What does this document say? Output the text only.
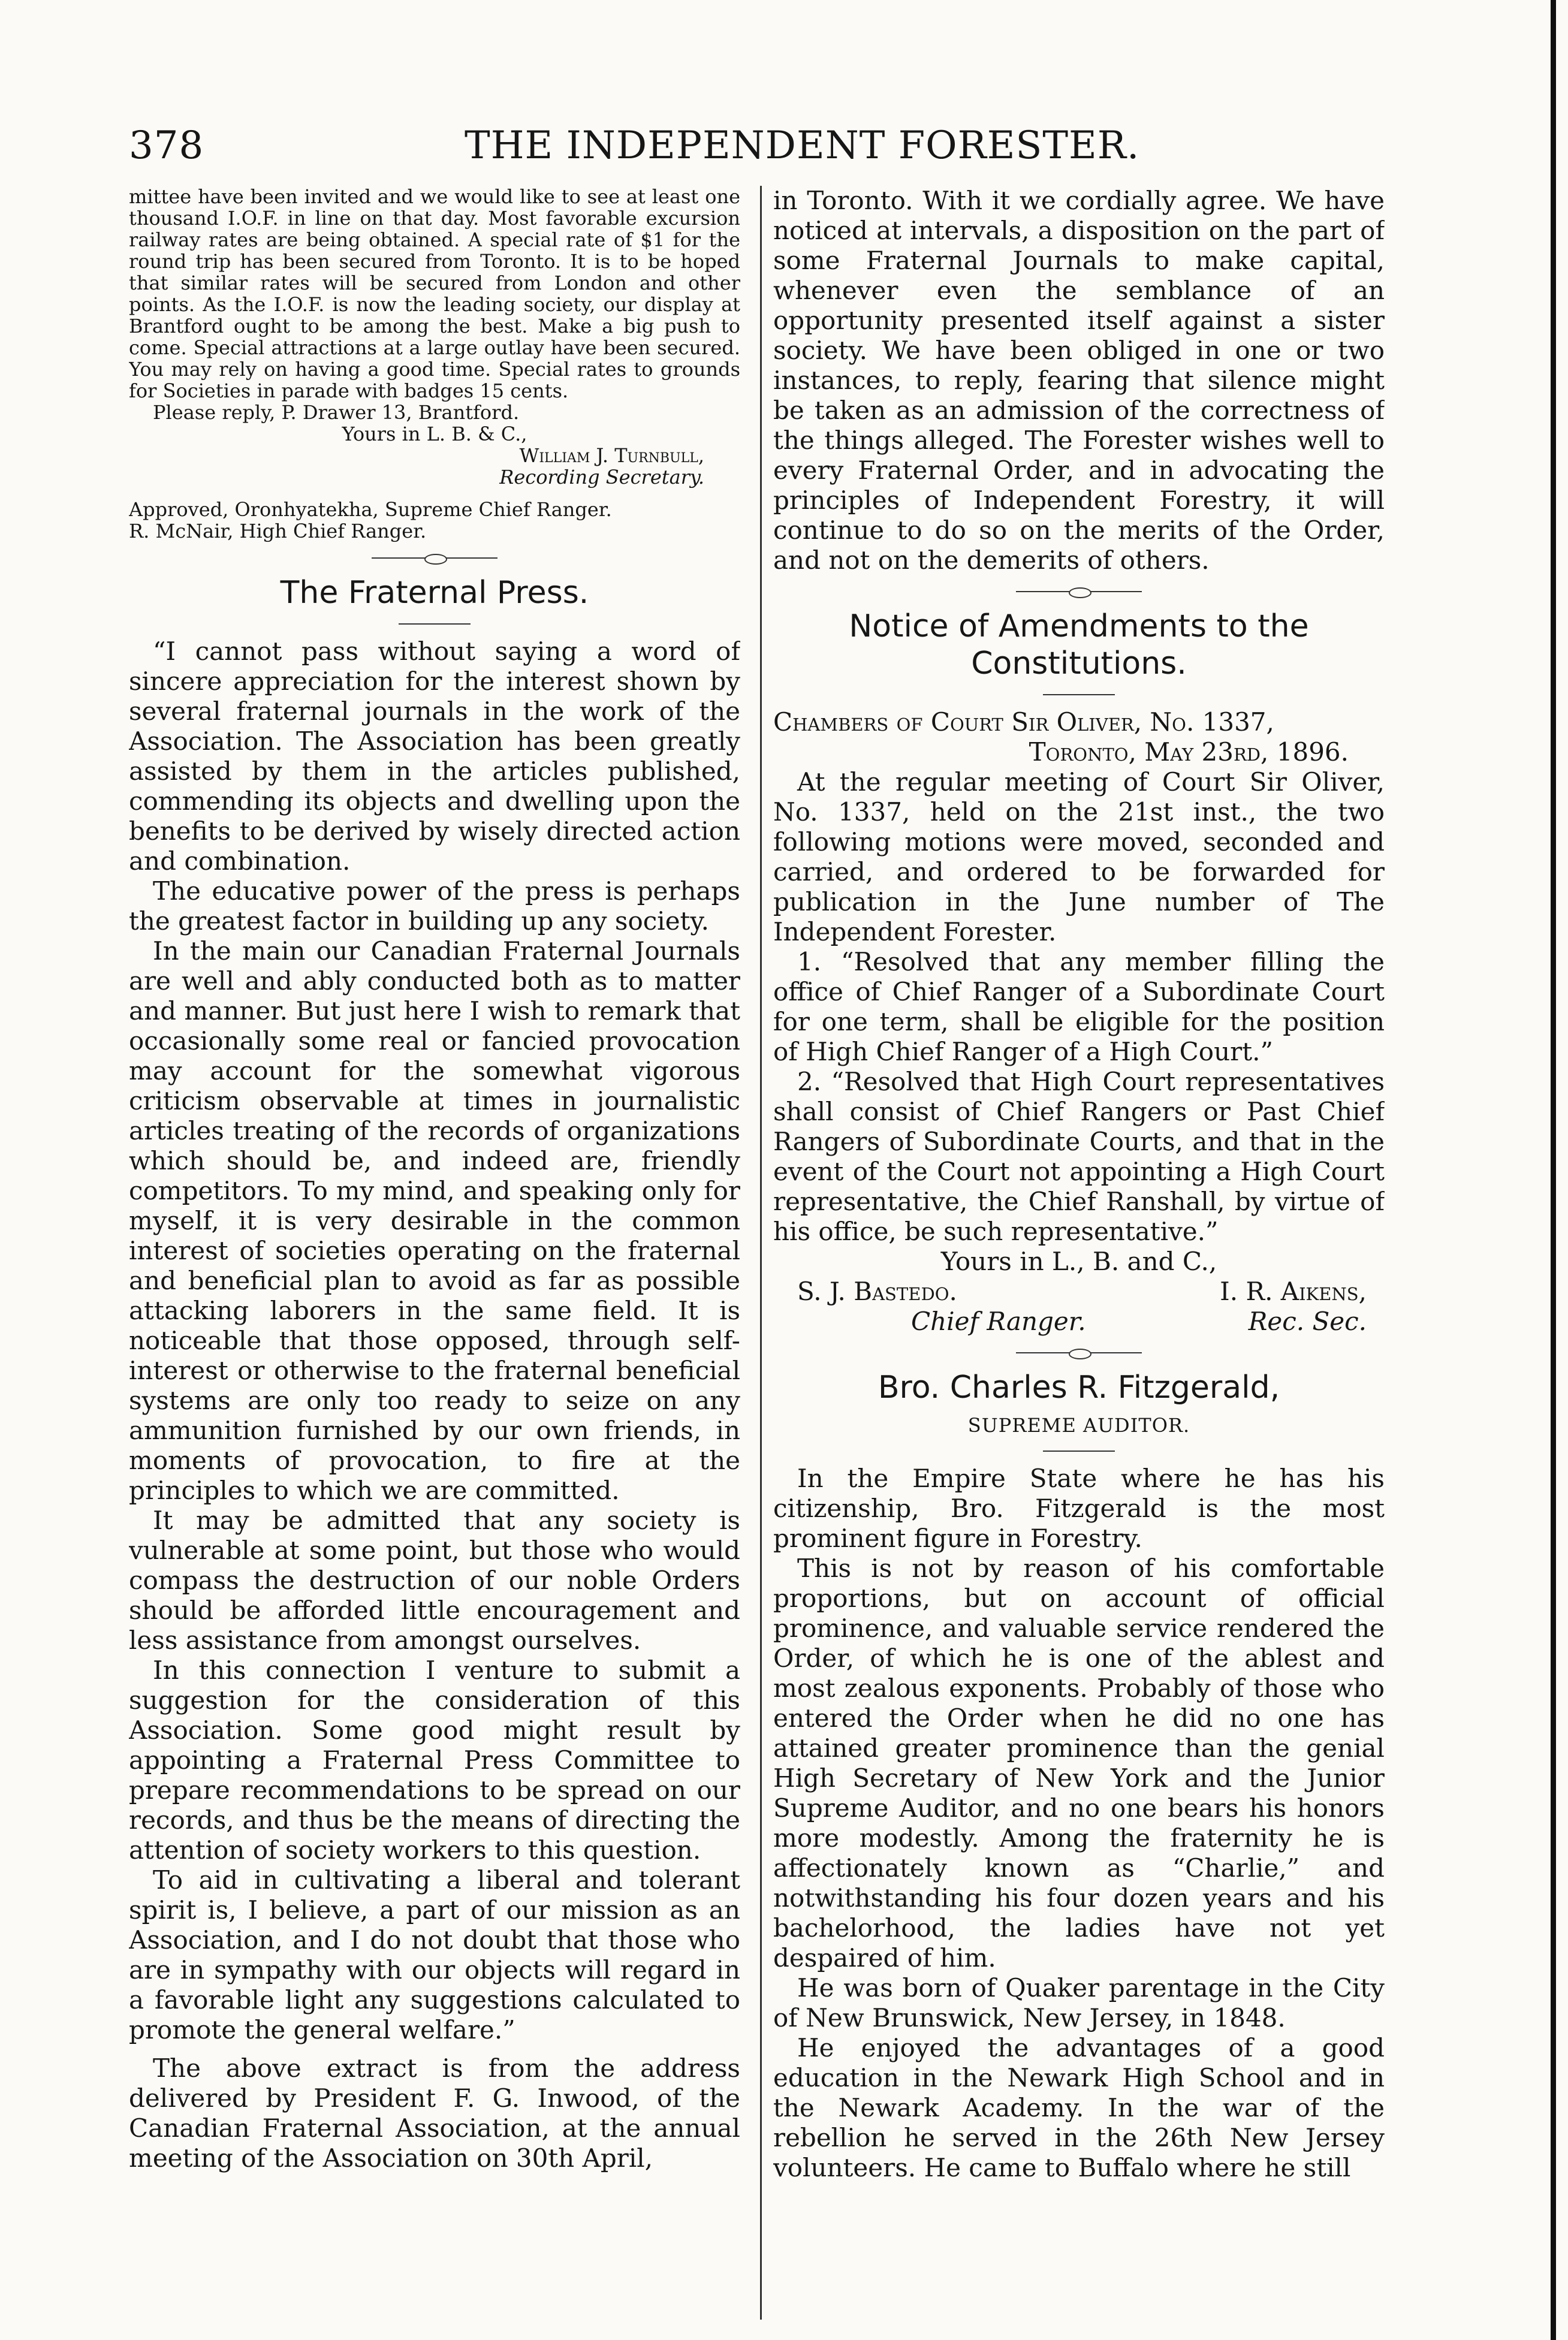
378	THE INDEPENDENT FORESTER.

mittee have been invited and we would like to see at least one thousand I.O.F. in line on that day. Most favorable excursion railway rates are being obtained. A special rate of $1 for the round trip has been secured from Toronto. It is to be hoped that similar rates will be secured from London and other points. As the I.O.F. is now the leading society, our display at Brantford ought to be among the best. Make a big push to come. Special attractions at a large outlay have been secured. You may rely on having a good time. Special rates to grounds for Societies in parade with badges 15 cents.

Please reply, P. Drawer 13, Brantford.

Yours in L. B. & C.,

William J. Turnbull,

Recording Secretary.

Approved, Oronhyatekha, Supreme Chief Ranger.

R. McNair, High Chief Ranger.

The Fraternal Press.

“I cannot pass without saying a word of sincere appreciation for the interest shown by several fraternal journals in the work of the Association. The Association has been greatly assisted by them in the articles published, commending its objects and dwelling upon the benefits to be derived by wisely directed action and combination.

The educative power of the press is perhaps the greatest factor in building up any society.

In the main our Canadian Fraternal Journals are well and ably conducted both as to matter and manner. But just here I wish to remark that occasionally some real or fancied provocation may account for the somewhat vigorous criticism observable at times in journalistic articles treating of the records of organizations which should be, and indeed are, friendly competitors. To my mind, and speaking only for myself, it is very desirable in the common interest of societies operating on the fraternal and beneficial plan to avoid as far as possible attacking laborers in the same field. It is noticeable that those opposed, through self-interest or otherwise to the fraternal beneficial systems are only too ready to seize on any ammunition furnished by our own friends, in moments of provocation, to fire at the principles to which we are committed.

It may be admitted that any society is vulnerable at some point, but those who would compass the destruction of our noble Orders should be afforded little encouragement and less assistance from amongst ourselves.

In this connection I venture to submit a suggestion for the consideration of this Association. Some good might result by appointing a Fraternal Press Committee to prepare recommendations to be spread on our records, and thus be the means of directing the attention of society workers to this question.

To aid in cultivating a liberal and tolerant spirit is, I believe, a part of our mission as an Association, and I do not doubt that those who are in sympathy with our objects will regard in a favorable light any suggestions calculated to promote the general welfare.”

The above extract is from the address delivered by President F. G. Inwood, of the Canadian Fraternal Association, at the annual meeting of the Association on 30th April,

in Toronto. With it we cordially agree. We have noticed at intervals, a disposition on the part of some Fraternal Journals to make capital, whenever even the semblance of an opportunity presented itself against a sister society. We have been obliged in one or two instances, to reply, fearing that silence might be taken as an admission of the correctness of the things alleged. The Forester wishes well to every Fraternal Order, and in advocating the principles of Independent Forestry, it will continue to do so on the merits of the Order, and not on the demerits of others.

Notice of Amendments to the Constitutions.

Chambers of Court Sir Oliver, No. 1337,

Toronto, May 23rd, 1896.

At the regular meeting of Court Sir Oliver, No. 1337, held on the 21st inst., the two following motions were moved, seconded and carried, and ordered to be forwarded for publication in the June number of The Independent Forester.

1. “Resolved that any member filling the office of Chief Ranger of a Subordinate Court for one term, shall be eligible for the position of High Chief Ranger of a High Court.”

2. “Resolved that High Court representatives shall consist of Chief Rangers or Past Chief Rangers of Subordinate Courts, and that in the event of the Court not appointing a High Court representative, the Chief Ranshall, by virtue of his office, be such representative.”

Yours in L., B. and C.,

S. J. Bastedo.	I. R. Aikens,
Chief Ranger.	Rec. Sec.
Bro. Charles R. Fitzgerald,
SUPREME AUDITOR.

In the Empire State where he has his citizenship, Bro. Fitzgerald is the most prominent figure in Forestry.

This is not by reason of his comfortable proportions, but on account of official prominence, and valuable service rendered the Order, of which he is one of the ablest and most zealous exponents. Probably of those who entered the Order when he did no one has attained greater prominence than the genial High Secretary of New York and the Junior Supreme Auditor, and no one bears his honors more modestly. Among the fraternity he is affectionately known as “Charlie,” and notwithstanding his four dozen years and his bachelorhood, the ladies have not yet despaired of him.

He was born of Quaker parentage in the City of New Brunswick, New Jersey, in 1848.

He enjoyed the advantages of a good education in the Newark High School and in the Newark Academy. In the war of the rebellion he served in the 26th New Jersey volunteers. He came to Buffalo where he still
